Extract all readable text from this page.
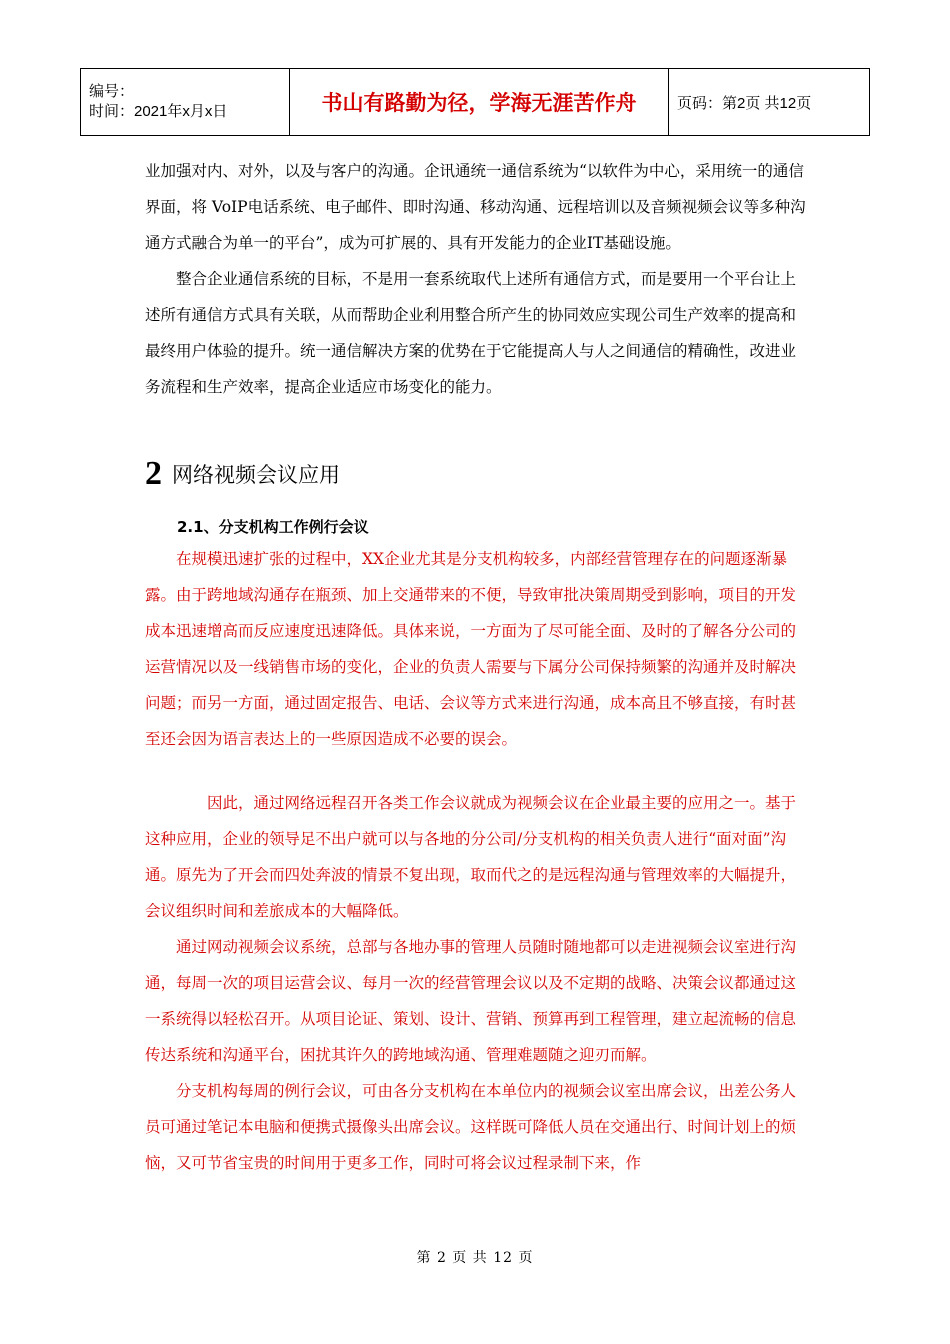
编号：
时间：2021年x月x日	书山有路勤为径，学海无涯苦作舟	页码：第2页 共12页

业加强对内、对外，以及与客户的沟通。企讯通统一通信系统为“以软件为中心，采用统一的通信界面，将 VoIP电话系统、电子邮件、即时沟通、移动沟通、远程培训以及音频视频会议等多种沟通方式融合为单一的平台”，成为可扩展的、具有开发能力的企业IT基础设施。

整合企业通信系统的目标，不是用一套系统取代上述所有通信方式，而是要用一个平台让上述所有通信方式具有关联，从而帮助企业利用整合所产生的协同效应实现公司生产效率的提高和最终用户体验的提升。统一通信解决方案的优势在于它能提高人与人之间通信的精确性，改进业务流程和生产效率，提高企业适应市场变化的能力。

2 网络视频会议应用
2.1、分支机构工作例行会议

在规模迅速扩张的过程中，XX企业尤其是分支机构较多，内部经营管理存在的问题逐渐暴露。由于跨地域沟通存在瓶颈、加上交通带来的不便，导致审批决策周期受到影响，项目的开发成本迅速增高而反应速度迅速降低。具体来说，一方面为了尽可能全面、及时的了解各分公司的运营情况以及一线销售市场的变化，企业的负责人需要与下属分公司保持频繁的沟通并及时解决问题；而另一方面，通过固定报告、电话、会议等方式来进行沟通，成本高且不够直接，有时甚至还会因为语言表达上的一些原因造成不必要的误会。

因此，通过网络远程召开各类工作会议就成为视频会议在企业最主要的应用之一。基于这种应用，企业的领导足不出户就可以与各地的分公司/分支机构的相关负责人进行“面对面”沟通。原先为了开会而四处奔波的情景不复出现，取而代之的是远程沟通与管理效率的大幅提升，会议组织时间和差旅成本的大幅降低。

通过网动视频会议系统，总部与各地办事的管理人员随时随地都可以走进视频会议室进行沟通，每周一次的项目运营会议、每月一次的经营管理会议以及不定期的战略、决策会议都通过这一系统得以轻松召开。从项目论证、策划、设计、营销、预算再到工程管理，建立起流畅的信息传达系统和沟通平台，困扰其许久的跨地域沟通、管理难题随之迎刃而解。

分支机构每周的例行会议，可由各分支机构在本单位内的视频会议室出席会议，出差公务人员可通过笔记本电脑和便携式摄像头出席会议。这样既可降低人员在交通出行、时间计划上的烦恼，又可节省宝贵的时间用于更多工作，同时可将会议过程录制下来，作

第 2 页 共 12 页
